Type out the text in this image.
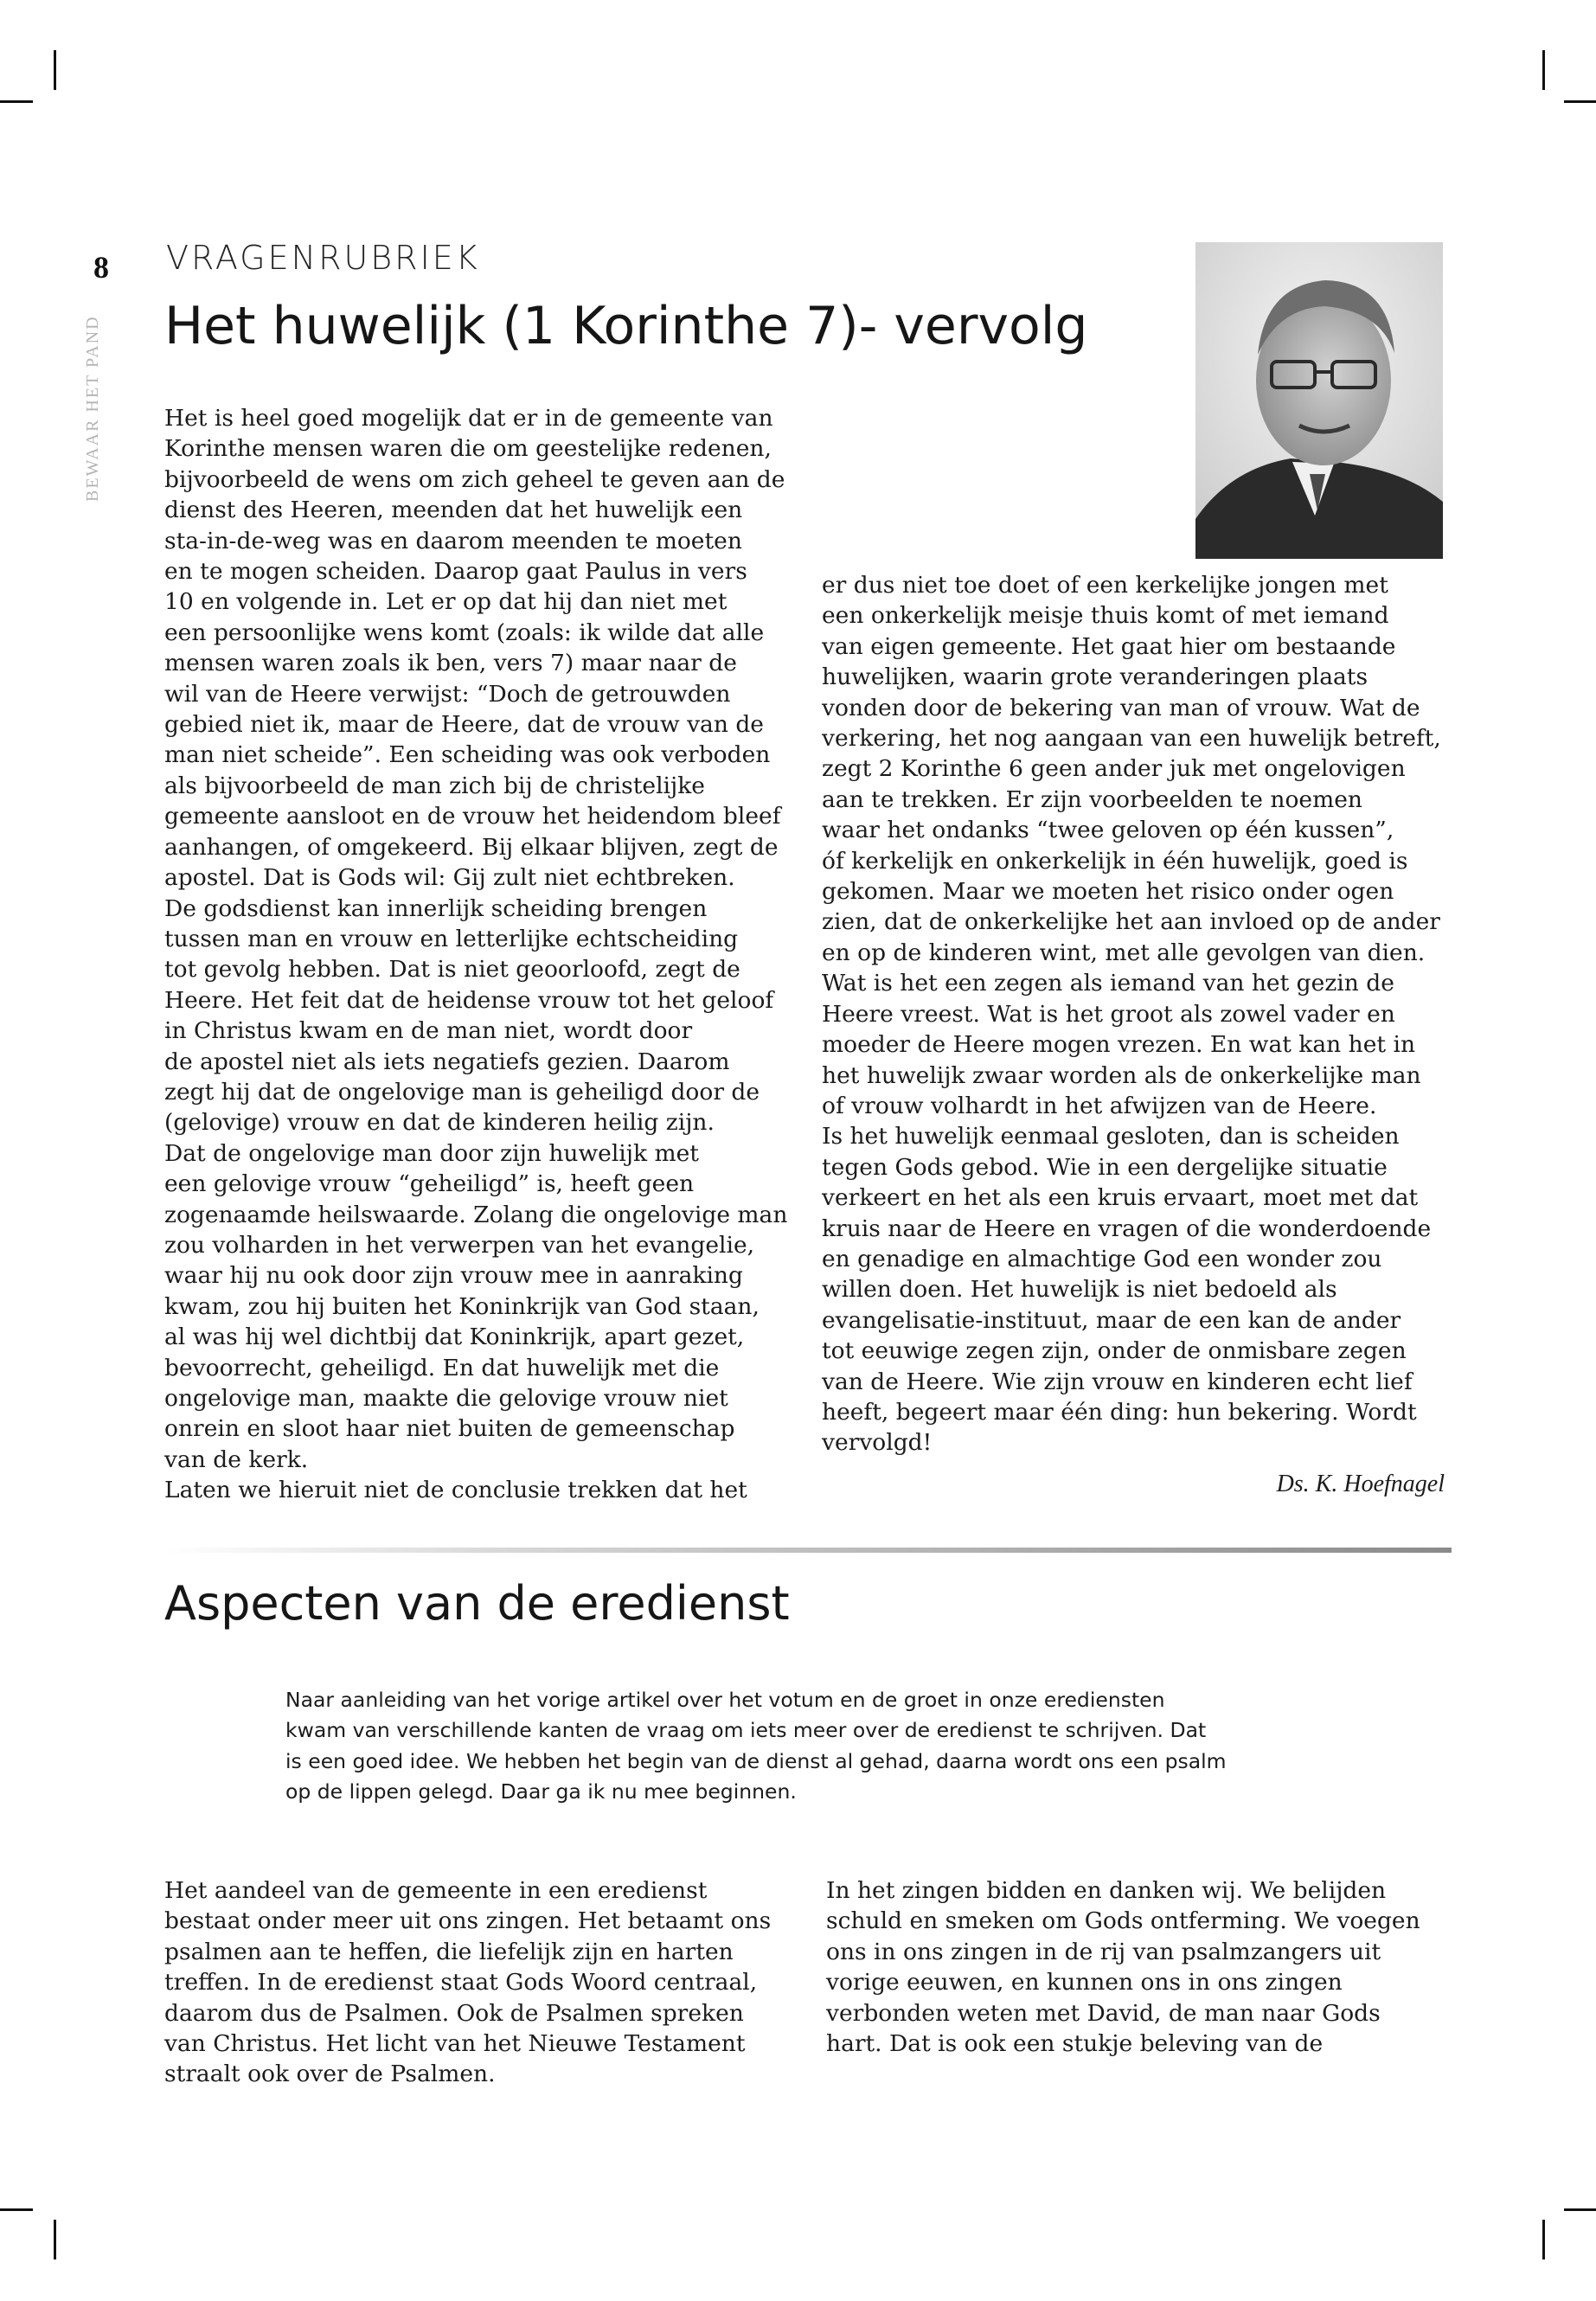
8
BEWAAR HET PAND
VRAGENRUBRIEK
Het huwelijk (1 Korinthe 7)- vervolg
Het is heel goed mogelijk dat er in de gemeente van
Korinthe mensen waren die om geestelijke redenen,
bijvoorbeeld de wens om zich geheel te geven aan de
dienst des Heeren, meenden dat het huwelijk een
sta-in-de-weg was en daarom meenden te moeten
en te mogen scheiden. Daarop gaat Paulus in vers
10 en volgende in. Let er op dat hij dan niet met
een persoonlijke wens komt (zoals: ik wilde dat alle
mensen waren zoals ik ben, vers 7) maar naar de
wil van de Heere verwijst: “Doch de getrouwden
gebied niet ik, maar de Heere, dat de vrouw van de
man niet scheide”. Een scheiding was ook verboden
als bijvoorbeeld de man zich bij de christelijke
gemeente aansloot en de vrouw het heidendom bleef
aanhangen, of omgekeerd. Bij elkaar blijven, zegt de
apostel. Dat is Gods wil: Gij zult niet echtbreken.
De godsdienst kan innerlijk scheiding brengen
tussen man en vrouw en letterlijke echtscheiding
tot gevolg hebben. Dat is niet geoorloofd, zegt de
Heere. Het feit dat de heidense vrouw tot het geloof
in Christus kwam en de man niet, wordt door
de apostel niet als iets negatiefs gezien. Daarom
zegt hij dat de ongelovige man is geheiligd door de
(gelovige) vrouw en dat de kinderen heilig zijn.
Dat de ongelovige man door zijn huwelijk met
een gelovige vrouw “geheiligd” is, heeft geen
zogenaamde heilswaarde. Zolang die ongelovige man
zou volharden in het verwerpen van het evangelie,
waar hij nu ook door zijn vrouw mee in aanraking
kwam, zou hij buiten het Koninkrijk van God staan,
al was hij wel dichtbij dat Koninkrijk, apart gezet,
bevoorrecht, geheiligd. En dat huwelijk met die
ongelovige man, maakte die gelovige vrouw niet
onrein en sloot haar niet buiten de gemeenschap
van de kerk.
Laten we hieruit niet de conclusie trekken dat het
er dus niet toe doet of een kerkelijke jongen met
een onkerkelijk meisje thuis komt of met iemand
van eigen gemeente. Het gaat hier om bestaande
huwelijken, waarin grote veranderingen plaats
vonden door de bekering van man of vrouw. Wat de
verkering, het nog aangaan van een huwelijk betreft,
zegt 2 Korinthe 6 geen ander juk met ongelovigen
aan te trekken. Er zijn voorbeelden te noemen
waar het ondanks “twee geloven op één kussen”,
óf kerkelijk en onkerkelijk in één huwelijk, goed is
gekomen. Maar we moeten het risico onder ogen
zien, dat de onkerkelijke het aan invloed op de ander
en op de kinderen wint, met alle gevolgen van dien.
Wat is het een zegen als iemand van het gezin de
Heere vreest. Wat is het groot als zowel vader en
moeder de Heere mogen vrezen. En wat kan het in
het huwelijk zwaar worden als de onkerkelijke man
of vrouw volhardt in het afwijzen van de Heere.
Is het huwelijk eenmaal gesloten, dan is scheiden
tegen Gods gebod. Wie in een dergelijke situatie
verkeert en het als een kruis ervaart, moet met dat
kruis naar de Heere en vragen of die wonderdoende
en genadige en almachtige God een wonder zou
willen doen. Het huwelijk is niet bedoeld als
evangelisatie-instituut, maar de een kan de ander
tot eeuwige zegen zijn, onder de onmisbare zegen
van de Heere. Wie zijn vrouw en kinderen echt lief
heeft, begeert maar één ding: hun bekering. Wordt
vervolgd!
Ds. K. Hoefnagel
Aspecten van de eredienst
Naar aanleiding van het vorige artikel over het votum en de groet in onze erediensten
kwam van verschillende kanten de vraag om iets meer over de eredienst te schrijven. Dat
is een goed idee. We hebben het begin van de dienst al gehad, daarna wordt ons een psalm
op de lippen gelegd. Daar ga ik nu mee beginnen.
Het aandeel van de gemeente in een eredienst
bestaat onder meer uit ons zingen. Het betaamt ons
psalmen aan te heffen, die liefelijk zijn en harten
treffen. In de eredienst staat Gods Woord centraal,
daarom dus de Psalmen. Ook de Psalmen spreken
van Christus. Het licht van het Nieuwe Testament
straalt ook over de Psalmen.
In het zingen bidden en danken wij. We belijden
schuld en smeken om Gods ontferming. We voegen
ons in ons zingen in de rij van psalmzangers uit
vorige eeuwen, en kunnen ons in ons zingen
verbonden weten met David, de man naar Gods
hart. Dat is ook een stukje beleving van de
